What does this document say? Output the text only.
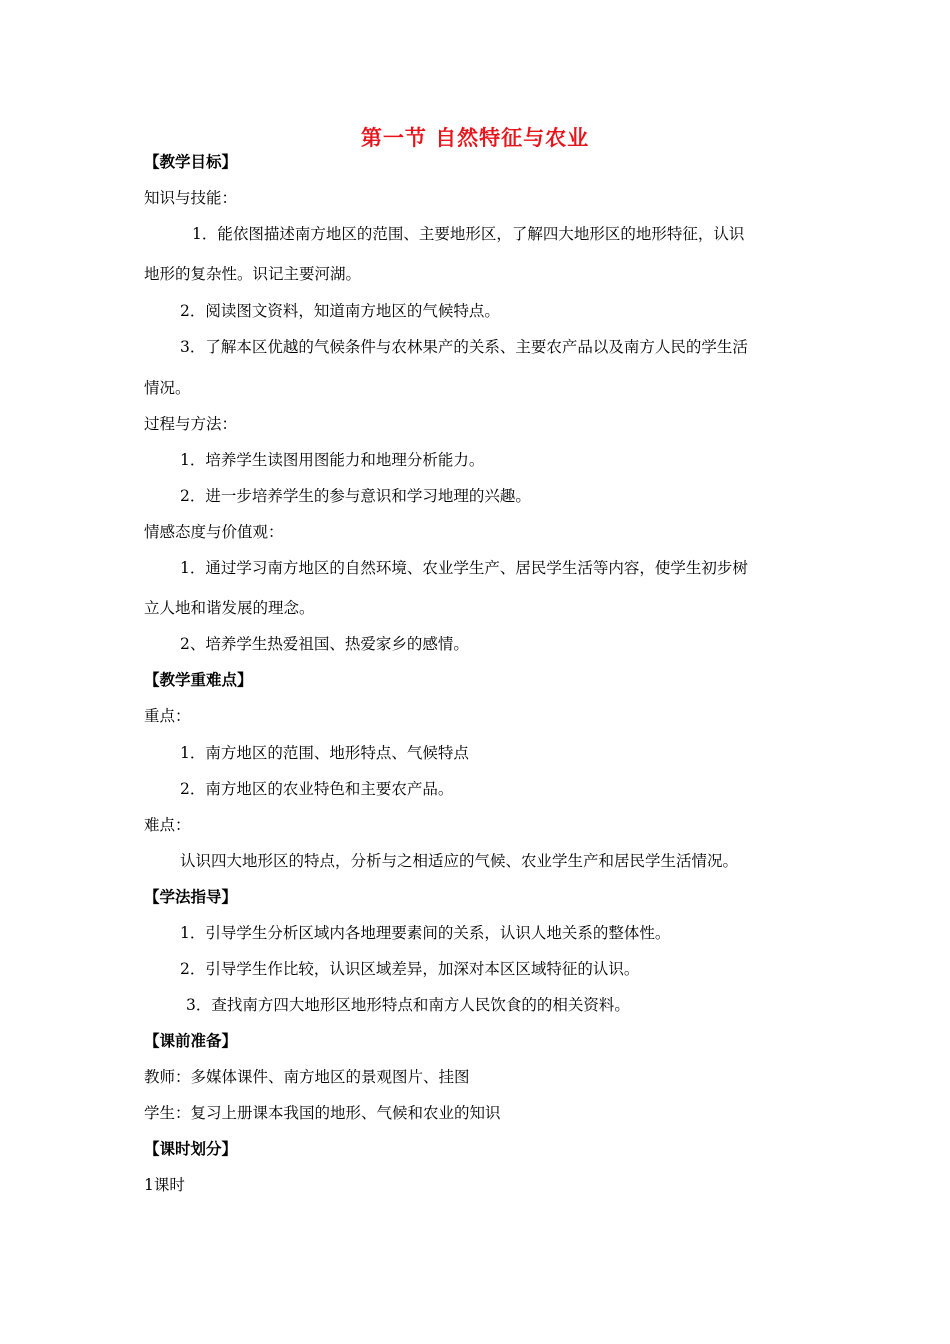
第一节 自然特征与农业
【教学目标】
知识与技能：
1．能依图描述南方地区的范围、主要地形区，了解四大地形区的地形特征，认识
地形的复杂性。识记主要河湖。
2．阅读图文资料，知道南方地区的气候特点。
3．了解本区优越的气候条件与农林果产的关系、主要农产品以及南方人民的学生活
情况。
过程与方法：
1．培养学生读图用图能力和地理分析能力。
2．进一步培养学生的参与意识和学习地理的兴趣。
情感态度与价值观：
1．通过学习南方地区的自然环境、农业学生产、居民学生活等内容，使学生初步树
立人地和谐发展的理念。
2、培养学生热爱祖国、热爱家乡的感情。
【教学重难点】
重点：
1．南方地区的范围、地形特点、气候特点
2．南方地区的农业特色和主要农产品。
难点：
认识四大地形区的特点，分析与之相适应的气候、农业学生产和居民学生活情况。
【学法指导】
1．引导学生分析区域内各地理要素间的关系，认识人地关系的整体性。
2．引导学生作比较，认识区域差异，加深对本区区域特征的认识。
3．查找南方四大地形区地形特点和南方人民饮食的的相关资料。
【课前准备】
教师：多媒体课件、南方地区的景观图片、挂图
学生：复习上册课本我国的地形、气候和农业的知识
【课时划分】
1课时
